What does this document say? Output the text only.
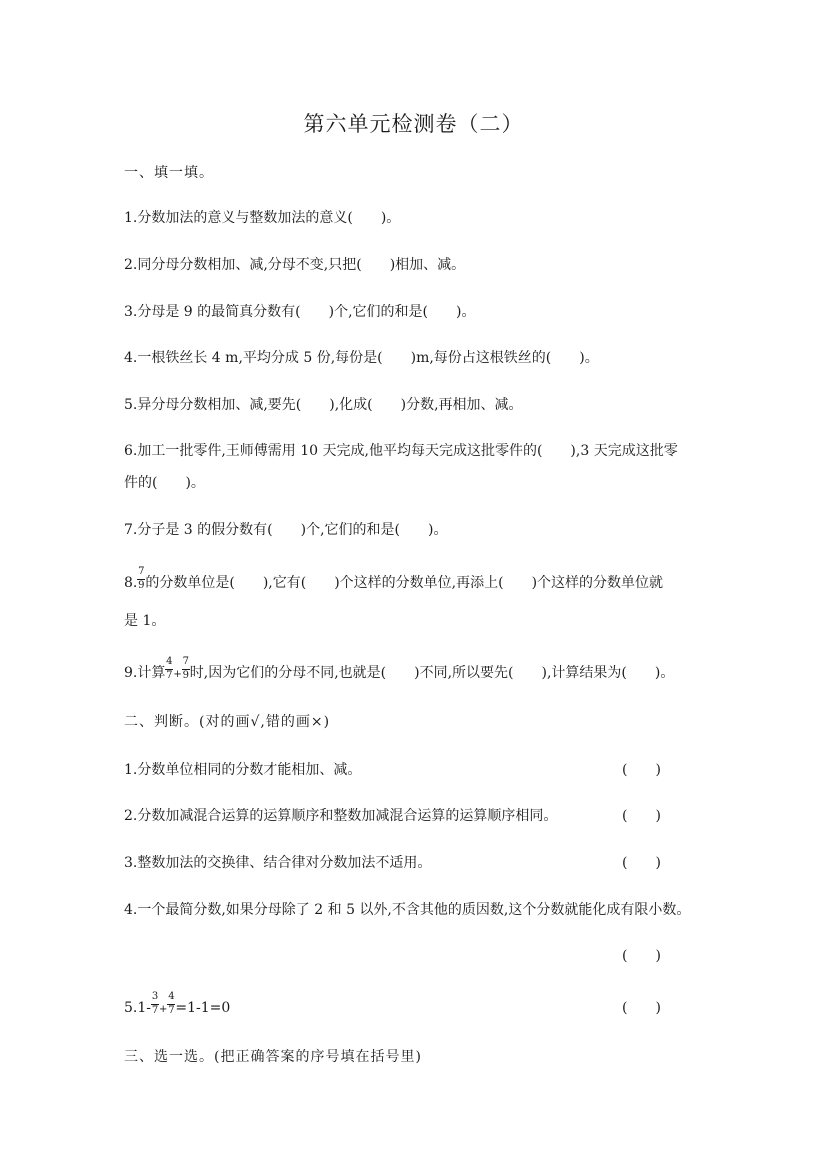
第六单元检测卷（二）
一、填一填。
1.分数加法的意义与整数加法的意义(　　)。
2.同分母分数相加、减,分母不变,只把(　　)相加、减。
3.分母是 9 的最简真分数有(　　)个,它们的和是(　　)。
4.一根铁丝长 4 m,平均分成 5 份,每份是(　　)m,每份占这根铁丝的(　　)。
5.异分母分数相加、减,要先(　　),化成(　　)分数,再相加、减。
6.加工一批零件,王师傅需用 10 天完成,他平均每天完成这批零件的(　　),3 天完成这批零
件的(　　)。
7.分子是 3 的假分数有(　　)个,它们的和是(　　)。
8. $\frac{7}{9}$ 的分数单位是(　　),它有(　　)个这样的分数单位,再添上(　　)个这样的分数单位就
是 1。
9.计算 $\frac{4}{7} + \frac{7}{9}$ 时,因为它们的分母不同,也就是(　　)不同,所以要先(　　),计算结果为(　　)。
二、判断。(对的画√,错的画×)
1.分数单位相同的分数才能相加、减。	(　　)
2.分数加减混合运算的运算顺序和整数加减混合运算的运算顺序相同。	(　　)
3.整数加法的交换律、结合律对分数加法不适用。	(　　)
4.一个最简分数,如果分母除了 2 和 5 以外,不含其他的质因数,这个分数就能化成有限小数。
(　　)
$5.1- \frac{3}{7} + \frac{4}{7} =1-1=0$	(　　)
三、选一选。(把正确答案的序号填在括号里)
